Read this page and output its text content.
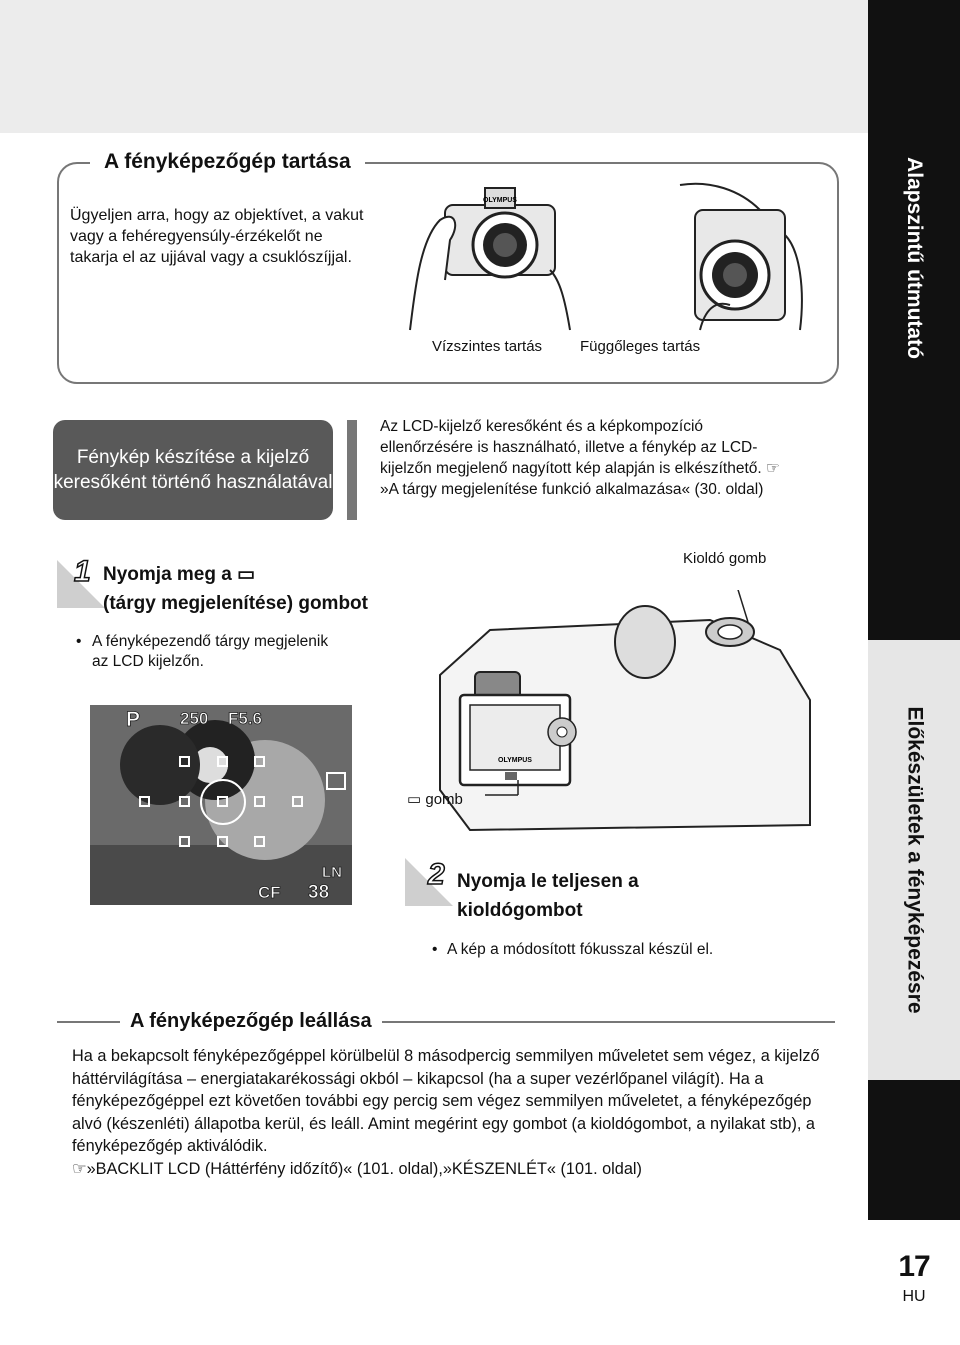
Alapszintű útmutató
Előkészületek a fényképezésre
17
HU
A fényképezőgép tartása
Ügyeljen arra, hogy az objektívet, a vakut vagy a fehéregyensúly-érzékelőt ne takarja el az ujjával vagy a csuklószíjjal.
OLYMPUS
Vízszintes tartás	Függőleges tartás
Fénykép készítése a kijelző keresőként történő használatával
Az LCD-kijelző keresőként és a képkompozíció ellenőrzésére is használható, illetve a fénykép az LCD-kijelzőn megjelenő nagyított kép alapján is elkészíthető. ☞»A tárgy megjelenítése funkció alkalmazása« (30. oldal)
1 Nyomja meg a ▭
(tárgy megjelenítése) gombot
• A fényképezendő tárgy megjelenik az LCD kijelzőn.
P 250 F5.6
CF
LN
38
OLYMPUS
Kioldó gomb
▭ gomb
2 Nyomja le teljesen a kioldógombot
• A kép a módosított fókusszal készül el.
A fényképezőgép leállása
Ha a bekapcsolt fényképezőgéppel körülbelül 8 másodpercig semmilyen műveletet sem végez, a kijelző háttérvilágítása – energiatakarékossági okból – kikapcsol (ha a super vezérlőpanel világít). Ha a fényképezőgéppel ezt követően további egy percig sem végez semmilyen műveletet, a fényképezőgép alvó (készenléti) állapotba kerül, és leáll. Amint megérint egy gombot (a kioldógombot, a nyilakat stb), a fényképezőgép aktiválódik.
☞»BACKLIT LCD (Háttérfény időzítő)« (101. oldal),»KÉSZENLÉT« (101. oldal)
